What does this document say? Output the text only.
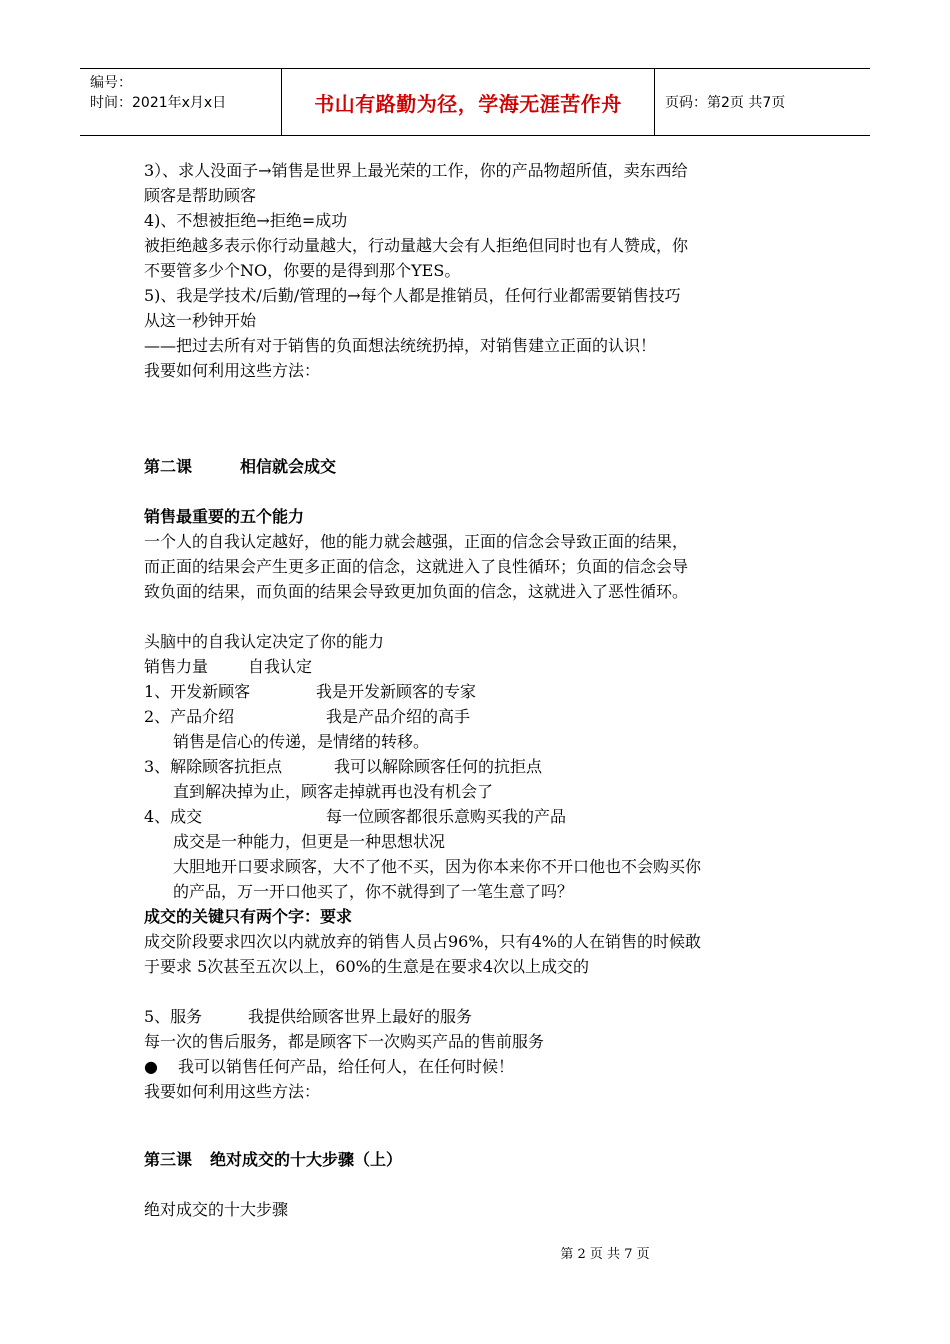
编号：
时间：2021年x月x日	书山有路勤为径，学海无涯苦作舟	页码：第2页 共7页

3）、求人没面子→销售是世界上最光荣的工作，你的产品物超所值，卖东西给

顾客是帮助顾客

4)、不想被拒绝→拒绝=成功

被拒绝越多表示你行动量越大，行动量越大会有人拒绝但同时也有人赞成，你

不要管多少个NO，你要的是得到那个YES。

5)、我是学技术/后勤/管理的→每个人都是推销员，任何行业都需要销售技巧

从这一秒钟开始

——把过去所有对于销售的负面想法统统扔掉，对销售建立正面的认识！

我要如何利用这些方法：

第二课	相信就会成交

销售最重要的五个能力

一个人的自我认定越好，他的能力就会越强，正面的信念会导致正面的结果，

而正面的结果会产生更多正面的信念，这就进入了良性循环；负面的信念会导

致负面的结果，而负面的结果会导致更加负面的信念，这就进入了恶性循环。

头脑中的自我认定决定了你的能力

销售力量 自我认定

1、开发新顾客	我是开发新顾客的专家

2、产品介绍	我是产品介绍的高手

销售是信心的传递，是情绪的转移。

3、解除顾客抗拒点	我可以解除顾客任何的抗拒点

直到解决掉为止，顾客走掉就再也没有机会了

4、成交	每一位顾客都很乐意购买我的产品

成交是一种能力，但更是一种思想状况

大胆地开口要求顾客，大不了他不买，因为你本来你不开口他也不会购买你

的产品，万一开口他买了，你不就得到了一笔生意了吗？

成交的关键只有两个字：要求

成交阶段要求四次以内就放弃的销售人员占96%，只有4%的人在销售的时候敢

于要求 5次甚至五次以上，60%的生意是在要求4次以上成交的

5、服务	我提供给顾客世界上最好的服务

每一次的售后服务，都是顾客下一次购买产品的售前服务

● 我可以销售任何产品，给任何人，在任何时候！

我要如何利用这些方法：

第三课 绝对成交的十大步骤（上）

绝对成交的十大步骤

第 2 页 共 7 页
